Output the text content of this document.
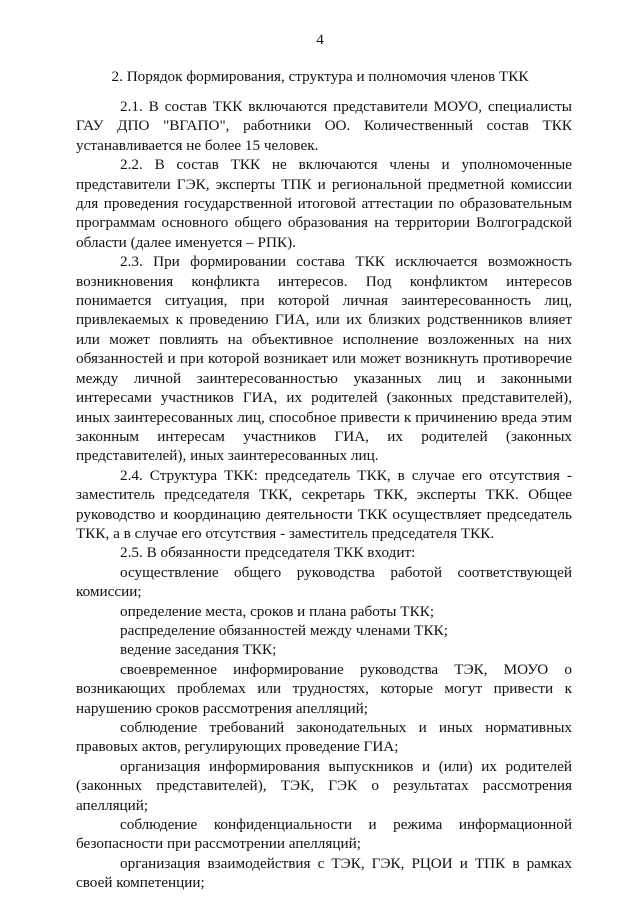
4
2. Порядок формирования, структура и полномочия членов ТКК

2.1. В состав ТКК включаются представители МОУО, специалисты ГАУ ДПО "ВГАПО", работники ОО. Количественный состав ТКК устанавливается не более 15 человек.

2.2. В состав ТКК не включаются члены и уполномоченные представители ГЭК, эксперты ТПК и региональной предметной комиссии для проведения государственной итоговой аттестации по образовательным программам основного общего образования на территории Волгоградской области (далее именуется – РПК).

2.3. При формировании состава ТКК исключается возможность возникновения конфликта интересов. Под конфликтом интересов понимается ситуация, при которой личная заинтересованность лиц, привлекаемых к проведению ГИА, или их близких родственников влияет или может повлиять на объективное исполнение возложенных на них обязанностей и при которой возникает или может возникнуть противоречие между личной заинтересованностью указанных лиц и законными интересами участников ГИА, их родителей (законных представителей), иных заинтересованных лиц, способное привести к причинению вреда этим законным интересам участников ГИА, их родителей (законных представителей), иных заинтересованных лиц.

2.4. Структура ТКК: председатель ТКК, в случае его отсутствия - заместитель председателя ТКК, секретарь ТКК, эксперты ТКК. Общее руководство и координацию деятельности ТКК осуществляет председатель ТКК, а в случае его отсутствия - заместитель председателя ТКК.

2.5. В обязанности председателя ТКК входит:

осуществление общего руководства работой соответствующей комиссии;

определение места, сроков и плана работы ТКК;

распределение обязанностей между членами ТКК;

ведение заседания ТКК;

своевременное информирование руководства ТЭК, МОУО о возникающих проблемах или трудностях, которые могут привести к нарушению сроков рассмотрения апелляций;

соблюдение требований законодательных и иных нормативных правовых актов, регулирующих проведение ГИА;

организация информирования выпускников и (или) их родителей (законных представителей), ТЭК, ГЭК о результатах рассмотрения апелляций;

соблюдение конфиденциальности и режима информационной безопасности при рассмотрении апелляций;

организация взаимодействия с ТЭК, ГЭК, РЦОИ и ТПК в рамках своей компетенции;
